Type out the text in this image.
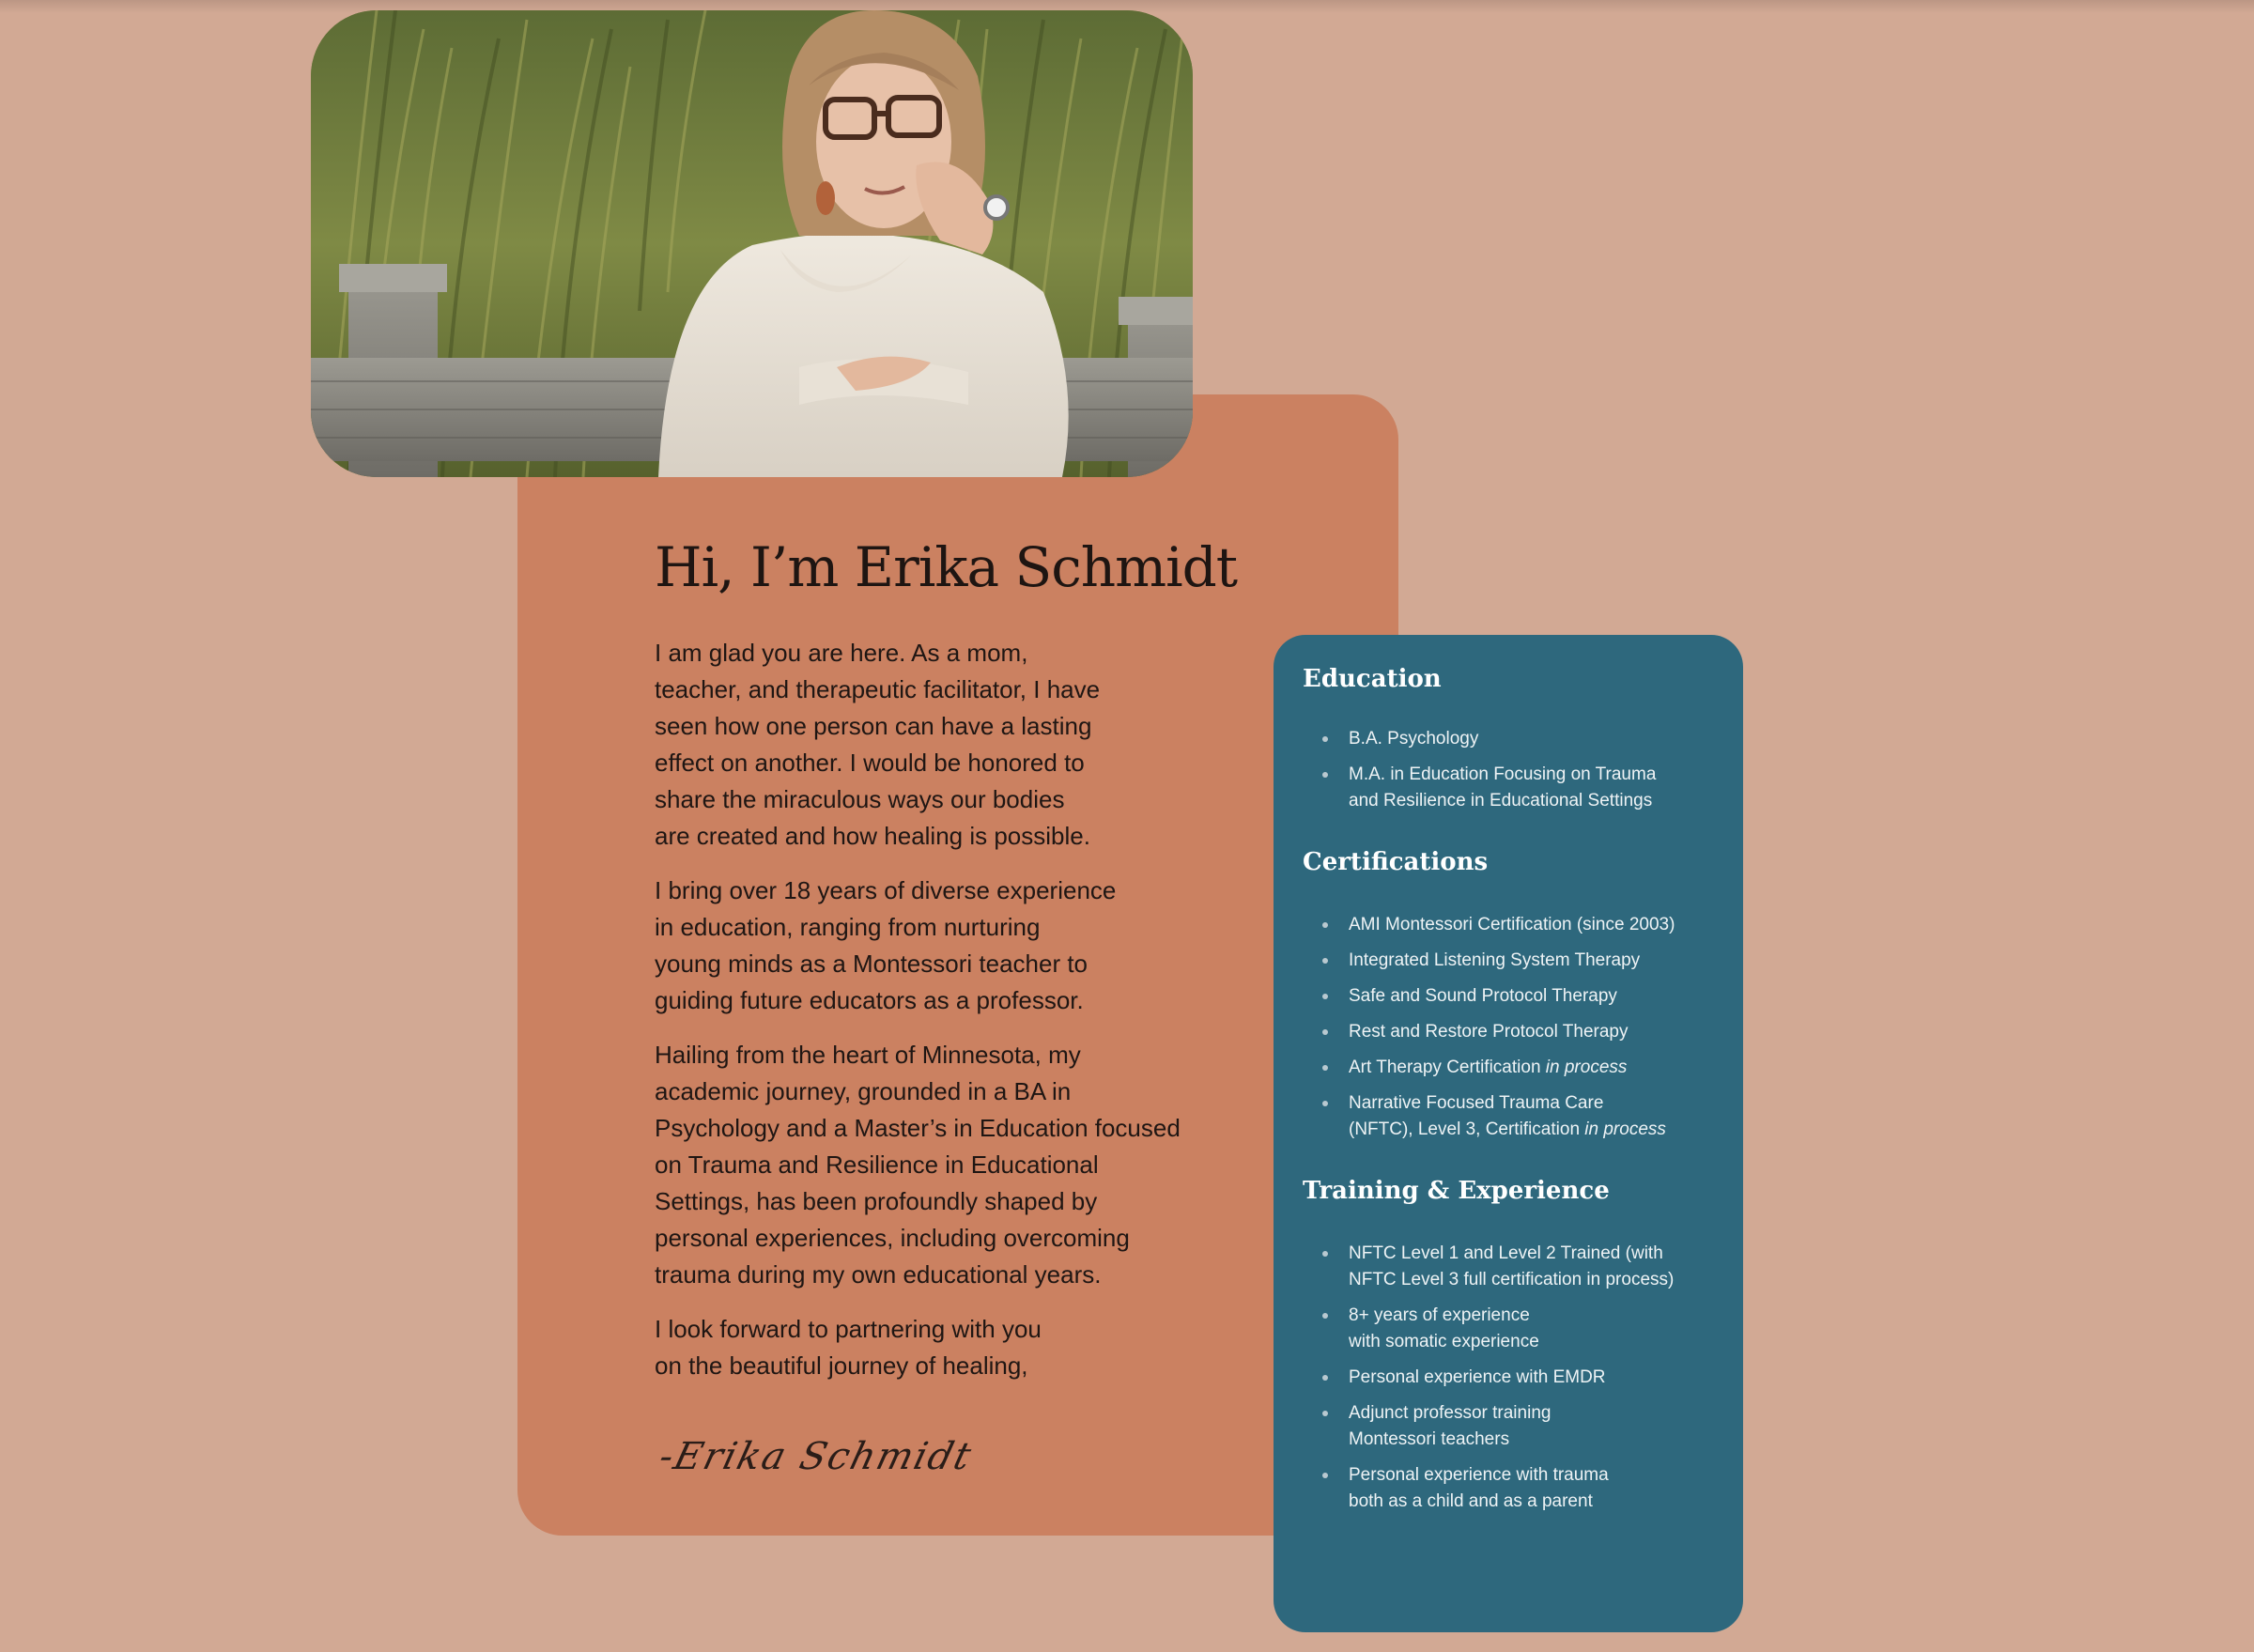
Hi, I’m Erika Schmidt

I am glad you are here. As a mom,
teacher, and therapeutic facilitator, I have
seen how one person can have a lasting
effect on another. I would be honored to
share the miraculous ways our bodies
are created and how healing is possible.

I bring over 18 years of diverse experience
in education, ranging from nurturing
young minds as a Montessori teacher to
guiding future educators as a professor.

Hailing from the heart of Minnesota, my
academic journey, grounded in a BA in
Psychology and a Master’s in Education focused
on Trauma and Resilience in Educational
Settings, has been profoundly shaped by
personal experiences, including overcoming
trauma during my own educational years.

I look forward to partnering with you
on the beautiful journey of healing,

-Erika Schmidt
Education
B.A. Psychology
M.A. in Education Focusing on Trauma
and Resilience in Educational Settings
Certifications
AMI Montessori Certification (since 2003)
Integrated Listening System Therapy
Safe and Sound Protocol Therapy
Rest and Restore Protocol Therapy
Art Therapy Certification in process
Narrative Focused Trauma Care
(NFTC), Level 3, Certification in process
Training & Experience
NFTC Level 1 and Level 2 Trained (with
NFTC Level 3 full certification in process)
8+ years of experience
with somatic experience
Personal experience with EMDR
Adjunct professor training
Montessori teachers
Personal experience with trauma
both as a child and as a parent
